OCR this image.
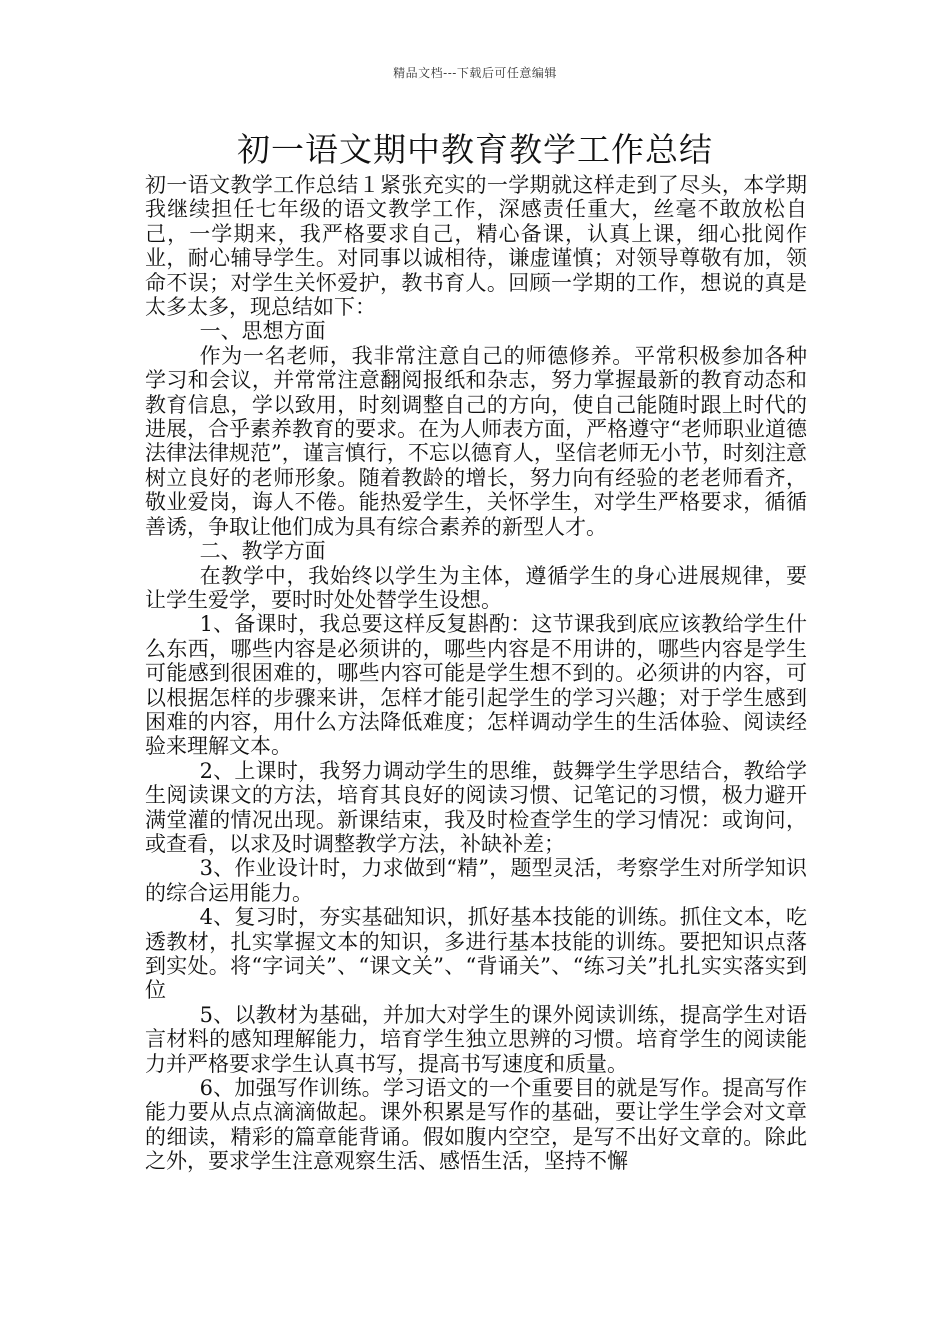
精品文档---下载后可任意编辑
初一语文期中教育教学工作总结

初一语文教学工作总结１紧张充实的一学期就这样走到了尽头，本学期我继续担任七年级的语文教学工作，深感责任重大，丝毫不敢放松自己，一学期来，我严格要求自己，精心备课，认真上课，细心批阅作业，耐心辅导学生。对同事以诚相待，谦虚谨慎；对领导尊敬有加，领命不误；对学生关怀爱护，教书育人。回顾一学期的工作，想说的真是太多太多，现总结如下：

一、思想方面

作为一名老师，我非常注意自己的师德修养。平常积极参加各种学习和会议，并常常注意翻阅报纸和杂志，努力掌握最新的教育动态和教育信息，学以致用，时刻调整自己的方向，使自己能随时跟上时代的进展，合乎素养教育的要求。在为人师表方面，严格遵守“老师职业道德法律法律规范”，谨言慎行，不忘以德育人，坚信老师无小节，时刻注意树立良好的老师形象。随着教龄的增长，努力向有经验的老老师看齐，敬业爱岗，诲人不倦。能热爱学生，关怀学生，对学生严格要求，循循善诱，争取让他们成为具有综合素养的新型人才。

二、教学方面

在教学中，我始终以学生为主体，遵循学生的身心进展规律，要让学生爱学，要时时处处替学生设想。

1、备课时，我总要这样反复斟酌：这节课我到底应该教给学生什么东西，哪些内容是必须讲的，哪些内容是不用讲的，哪些内容是学生可能感到很困难的，哪些内容可能是学生想不到的。必须讲的内容，可以根据怎样的步骤来讲，怎样才能引起学生的学习兴趣；对于学生感到困难的内容，用什么方法降低难度；怎样调动学生的生活体验、阅读经验来理解文本。

2、上课时，我努力调动学生的思维，鼓舞学生学思结合，教给学生阅读课文的方法，培育其良好的阅读习惯、记笔记的习惯，极力避开满堂灌的情况出现。新课结束，我及时检查学生的学习情况：或询问，或查看，以求及时调整教学方法，补缺补差；

3、作业设计时，力求做到“精”，题型灵活，考察学生对所学知识的综合运用能力。

4、复习时，夯实基础知识，抓好基本技能的训练。抓住文本，吃透教材，扎实掌握文本的知识，多进行基本技能的训练。要把知识点落到实处。将“字词关”、“课文关”、“背诵关”、“练习关”扎扎实实落实到位

5、以教材为基础，并加大对学生的课外阅读训练，提高学生对语言材料的感知理解能力，培育学生独立思辨的习惯。培育学生的阅读能力并严格要求学生认真书写，提高书写速度和质量。

6、加强写作训练。学习语文的一个重要目的就是写作。提高写作能力要从点点滴滴做起。课外积累是写作的基础，要让学生学会对文章的细读，精彩的篇章能背诵。假如腹内空空，是写不出好文章的。除此之外，要求学生注意观察生活、感悟生活，坚持不懈
